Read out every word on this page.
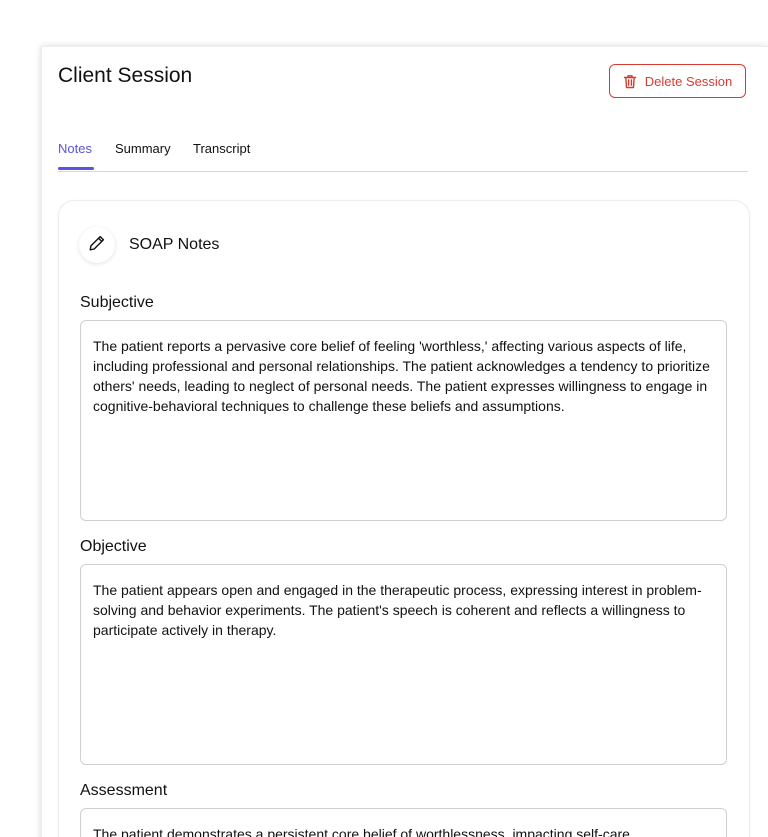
Client Session	Delete Session
Notes Summary Transcript
SOAP Notes
Subjective
The patient reports a pervasive core belief of feeling 'worthless,' affecting various aspects of life, including professional and personal relationships. The patient acknowledges a tendency to prioritize others' needs, leading to neglect of personal needs. The patient expresses willingness to engage in cognitive-behavioral techniques to challenge these beliefs and assumptions.
Objective
The patient appears open and engaged in the therapeutic process, expressing interest in problem-solving and behavior experiments. The patient's speech is coherent and reflects a willingness to participate actively in therapy.
Assessment
The patient demonstrates a persistent core belief of worthlessness, impacting self-care
